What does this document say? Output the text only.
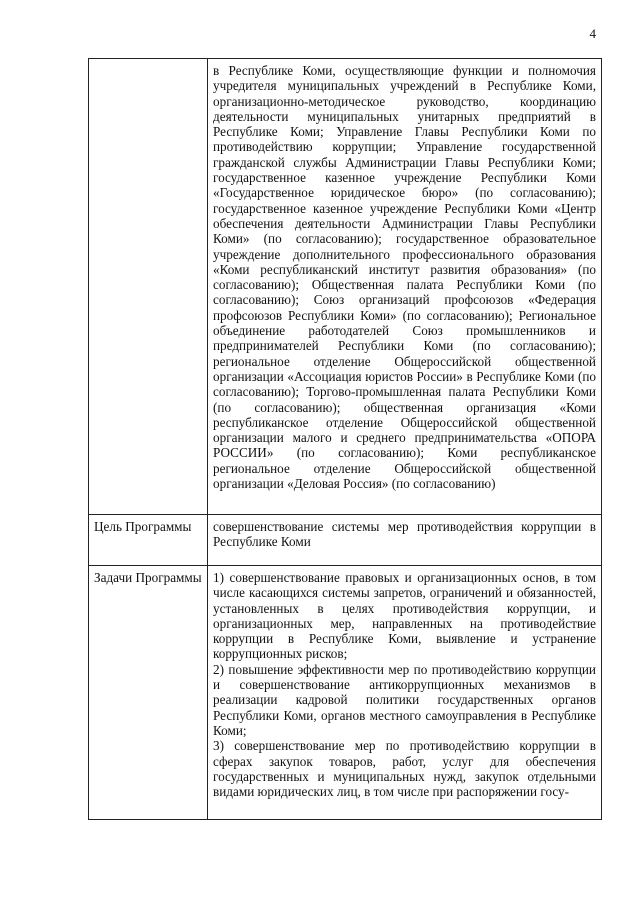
4
	в Республике Коми, осуществляющие функции и полномочия учредителя муниципальных учреждений в Республике Коми, организационно-методическое руководство, координацию деятельности муниципальных унитарных предприятий в Республике Коми; Управление Главы Республики Коми по противодействию коррупции; Управление государственной гражданской службы Администрации Главы Республики Коми; государственное казенное учреждение Республики Коми «Государственное юридическое бюро» (по согласованию); государственное казенное учреждение Республики Коми «Центр обеспечения деятельности Администрации Главы Республики Коми» (по согласованию); государственное образовательное учреждение дополнительного профессионального образования «Коми республиканский институт развития образования» (по согласованию); Общественная палата Республики Коми (по согласованию); Союз организаций профсоюзов «Федерация профсоюзов Республики Коми» (по согласованию); Региональное объединение работодателей Союз промышленников и предпринимателей Республики Коми (по согласованию); региональное отделение Общероссийской общественной организации «Ассоциация юристов России» в Республике Коми (по согласованию); Торгово-промышленная палата Республики Коми (по согласованию); общественная организация «Коми республиканское отделение Общероссийской общественной организации малого и среднего предпринимательства «ОПОРА РОССИИ» (по согласованию); Коми республиканское региональное отделение Общероссийской общественной организации «Деловая Россия» (по согласованию)
Цель Программы	совершенствование системы мер противодействия коррупции в Республике Коми
Задачи Программы	1) совершенствование правовых и организационных основ, в том числе касающихся системы запретов, ограничений и обязанностей, установленных в целях противодействия коррупции, и организационных мер, направленных на противодействие коррупции в Республике Коми, выявление и устранение коррупционных рисков;
2) повышение эффективности мер по противодействию коррупции и совершенствование антикоррупционных механизмов в реализации кадровой политики государственных органов Республики Коми, органов местного самоуправления в Республике Коми;
3) совершенствование мер по противодействию коррупции в сферах закупок товаров, работ, услуг для обеспечения государственных и муниципальных нужд, закупок отдельными видами юридических лиц, в том числе при распоряжении госу-
